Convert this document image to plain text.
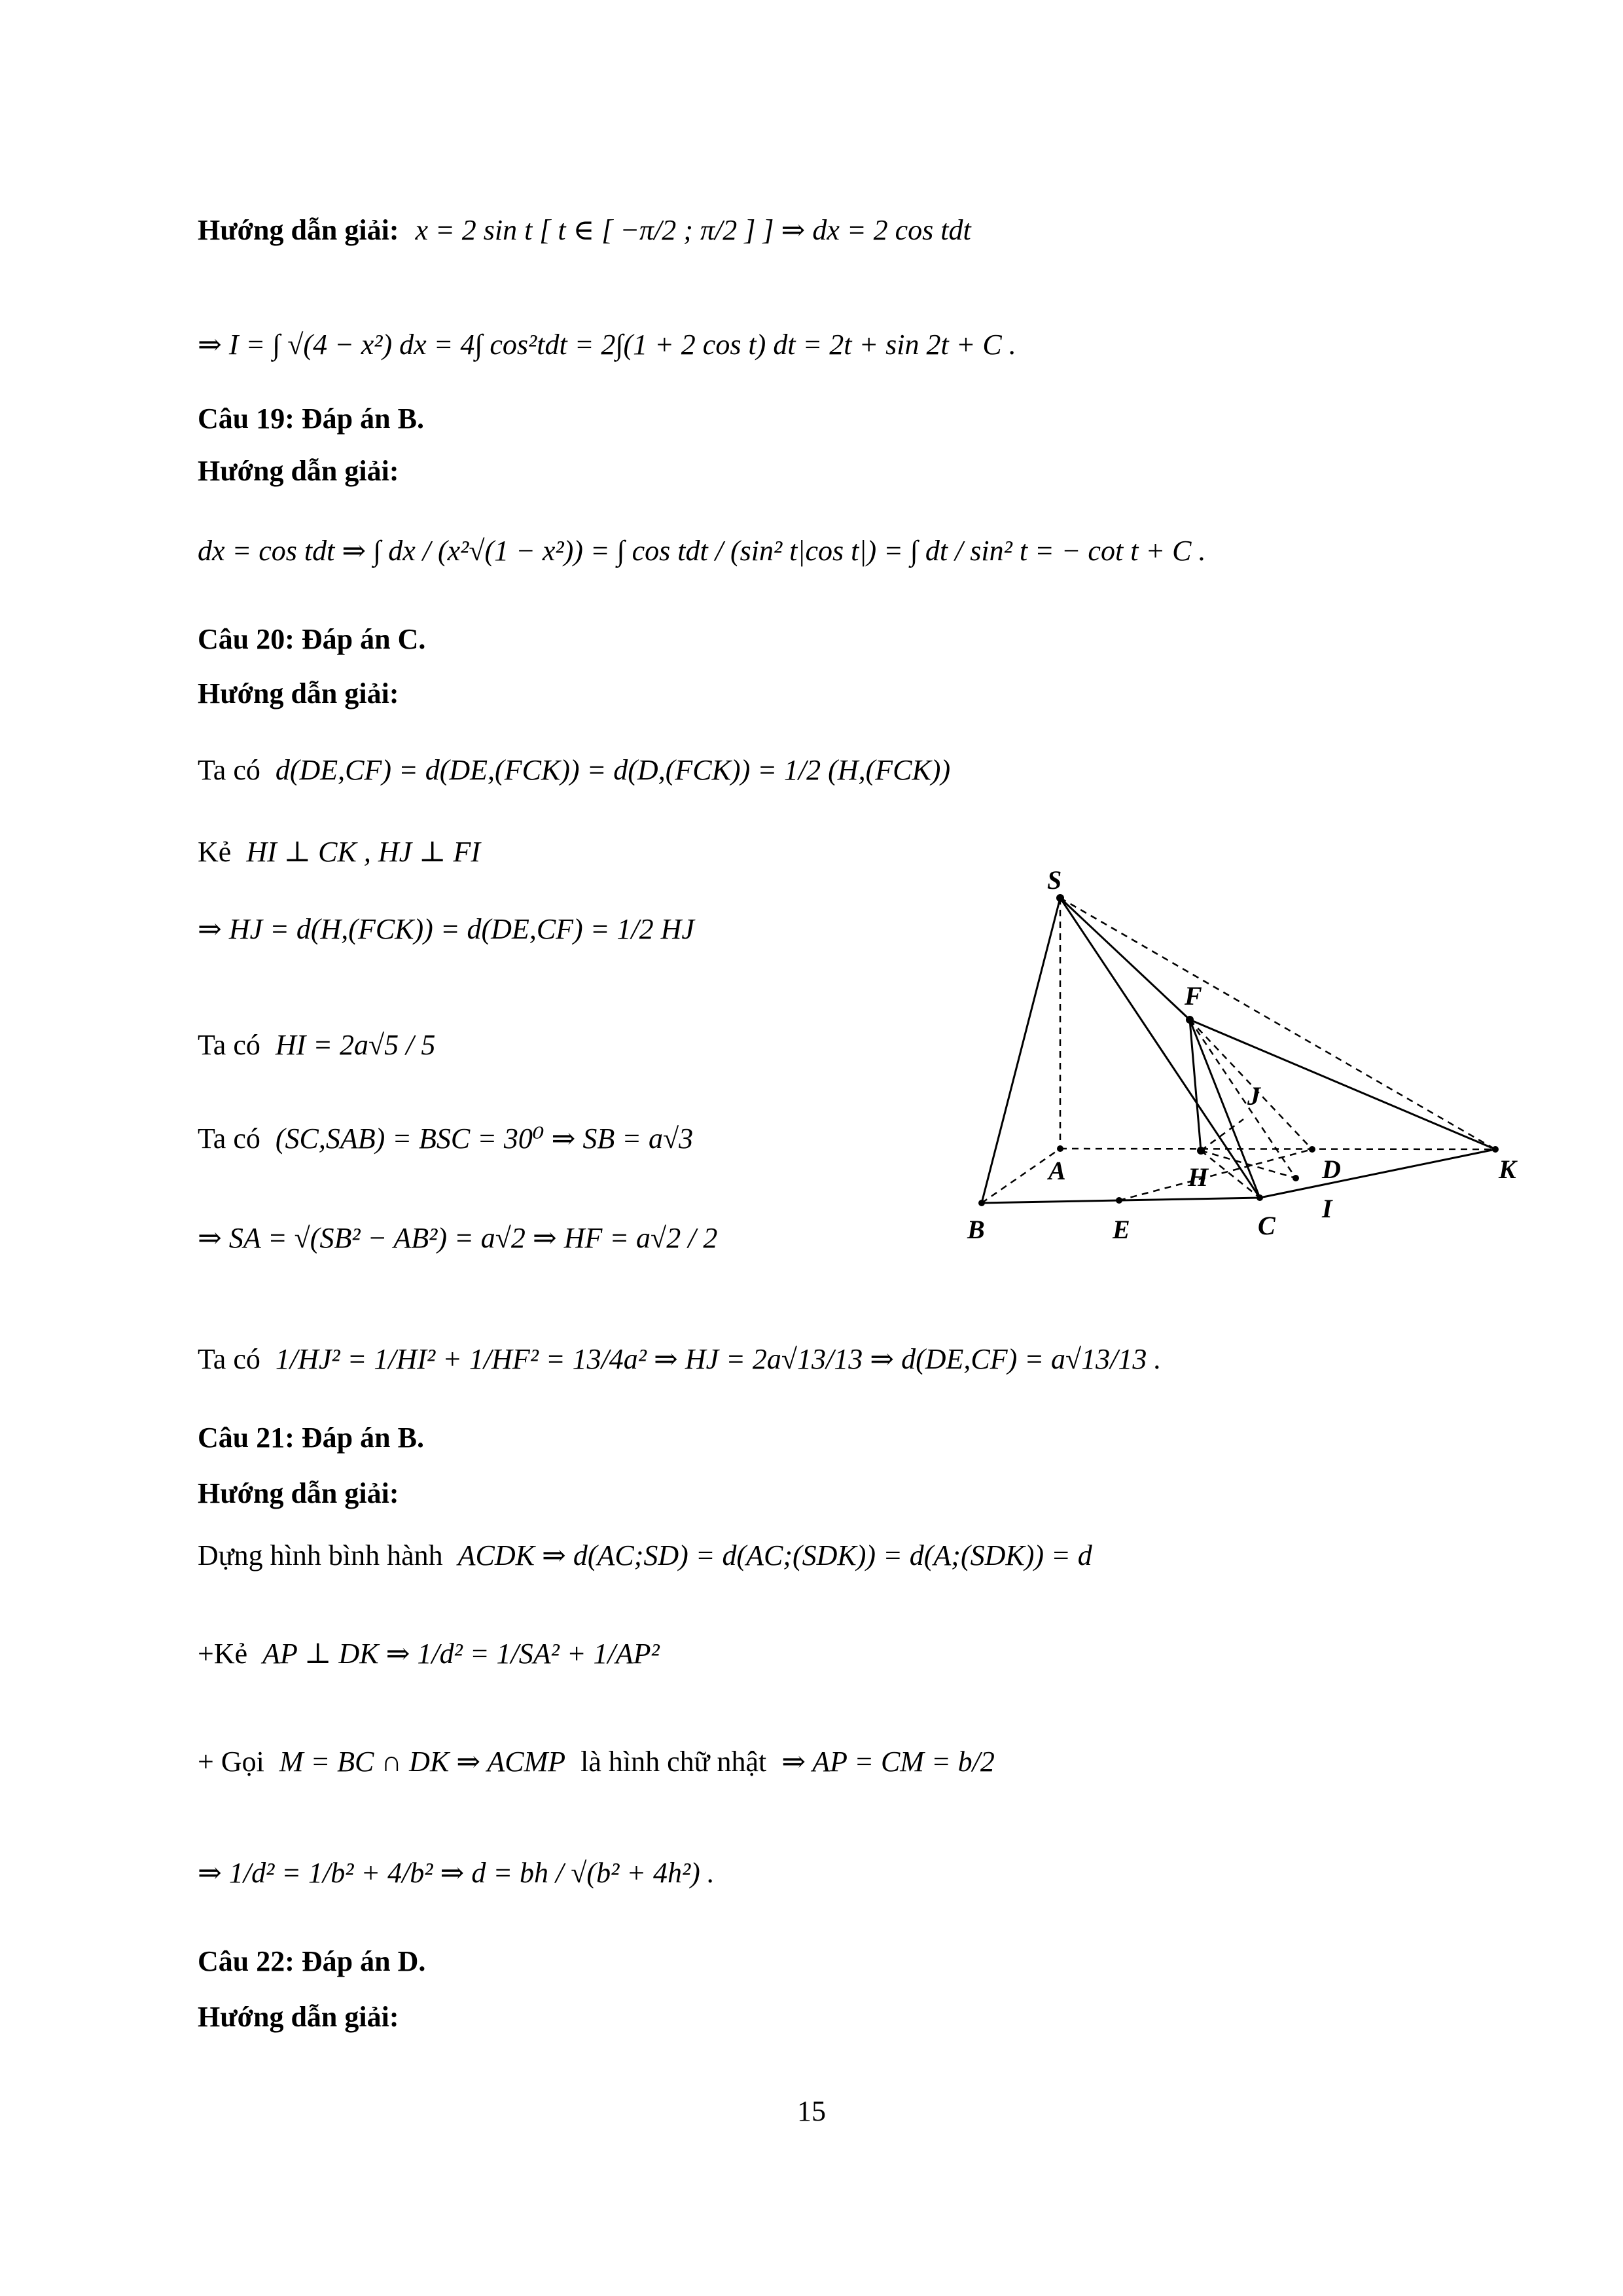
Hướng dẫn giải: x = 2 sin t [ t ∈ [ −π/2 ; π/2 ] ] ⇒ dx = 2 cos tdt
⇒ I = ∫ √(4 − x²) dx = 4∫ cos²tdt = 2∫(1 + 2 cos t) dt = 2t + sin 2t + C .
Câu 19: Đáp án B.
Hướng dẫn giải:
dx = cos tdt ⇒ ∫ dx / (x²√(1 − x²)) = ∫ cos tdt / (sin² t|cos t|) = ∫ dt / sin² t = − cot t + C .
Câu 20: Đáp án C.
Hướng dẫn giải:
Ta có d(DE,CF) = d(DE,(FCK)) = d(D,(FCK)) = 1/2 (H,(FCK))
Kẻ HI ⊥ CK , HJ ⊥ FI
⇒ HJ = d(H,(FCK)) = d(DE,CF) = 1/2 HJ
Ta có HI = 2a√5 / 5
Ta có (SC,SAB) = BSC = 30⁰ ⇒ SB = a√3
⇒ SA = √(SB² − AB²) = a√2 ⇒ HF = a√2 / 2
Ta có 1/HJ² = 1/HI² + 1/HF² = 13/4a² ⇒ HJ = 2a√13/13 ⇒ d(DE,CF) = a√13/13 .
Câu 21: Đáp án B.
Hướng dẫn giải:
Dựng hình bình hành ACDK ⇒ d(AC;SD) = d(AC;(SDK)) = d(A;(SDK)) = d
+Kẻ AP ⊥ DK ⇒ 1/d² = 1/SA² + 1/AP²
+ Gọi M = BC ∩ DK ⇒ ACMP là hình chữ nhật ⇒ AP = CM = b/2
⇒ 1/d² = 1/b² + 4/b² ⇒ d = bh / √(b² + 4h²) .
Câu 22: Đáp án D.
Hướng dẫn giải:
S
F
J
A	H	D	K
B	E	C
I
15
